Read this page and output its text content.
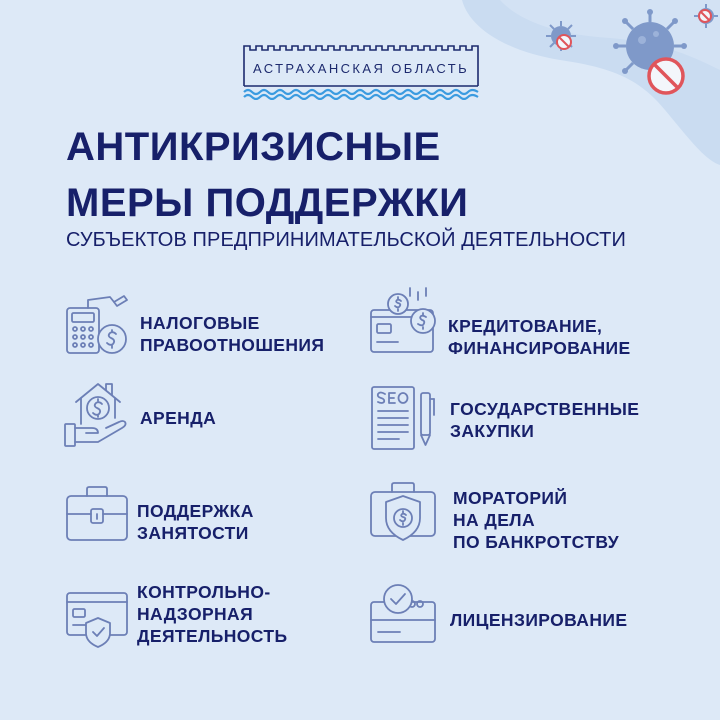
АСТРАХАНСКАЯ ОБЛАСТЬ
АНТИКРИЗИСНЫЕ
МЕРЫ ПОДДЕРЖКИ
СУБЪЕКТОВ ПРЕДПРИНИМАТЕЛЬСКОЙ ДЕЯТЕЛЬНОСТИ
НАЛОГОВЫЕ
ПРАВООТНОШЕНИЯ
КРЕДИТОВАНИЕ,
ФИНАНСИРОВАНИЕ
АРЕНДА	ГОСУДАРСТВЕННЫЕ
ЗАКУПКИ
ПОДДЕРЖКА
ЗАНЯТОСТИ
МОРАТОРИЙ
НА ДЕЛА
ПО БАНКРОТСТВУ
КОНТРОЛЬНО-
НАДЗОРНАЯ
ДЕЯТЕЛЬНОСТЬ
ЛИЦЕНЗИРОВАНИЕ
